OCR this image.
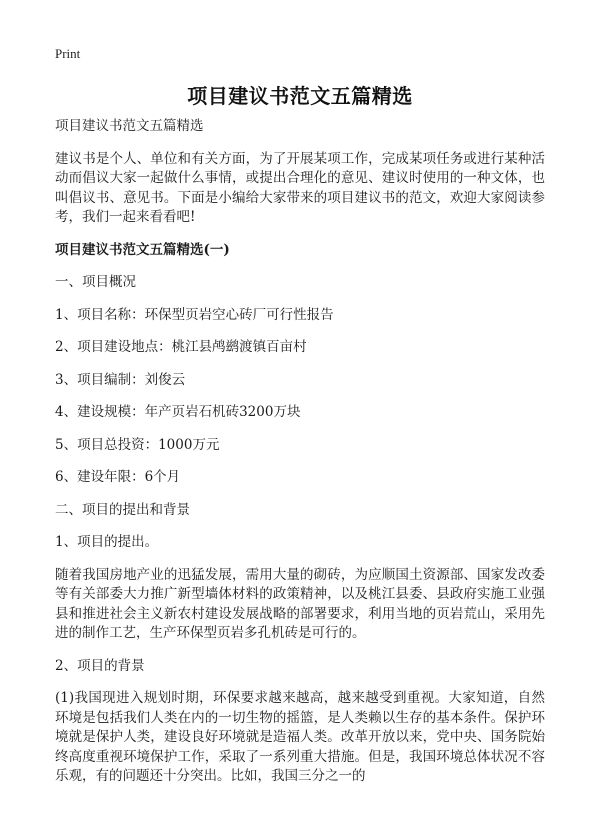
Print
项目建议书范文五篇精选

项目建议书范文五篇精选

建议书是个人、单位和有关方面，为了开展某项工作，完成某项任务或进行某种活动而倡议大家一起做什么事情，或提出合理化的意见、建议时使用的一种文体，也叫倡议书、意见书。下面是小编给大家带来的项目建议书的范文，欢迎大家阅读参考，我们一起来看看吧!

项目建议书范文五篇精选(一)

一、项目概况

1、项目名称：环保型页岩空心砖厂可行性报告

2、项目建设地点：桃江县鸬鹚渡镇百亩村

3、项目编制：刘俊云

4、建设规模：年产页岩石机砖3200万块

5、项目总投资：1000万元

6、建设年限：6个月

二、项目的提出和背景

1、项目的提出。

随着我国房地产业的迅猛发展，需用大量的砌砖，为应顺国土资源部、国家发改委等有关部委大力推广新型墙体材料的政策精神，以及桃江县委、县政府实施工业强县和推进社会主义新农村建设发展战略的部署要求，利用当地的页岩荒山，采用先进的制作工艺，生产环保型页岩多孔机砖是可行的。

2、项目的背景

(1)我国现进入规划时期，环保要求越来越高，越来越受到重视。大家知道，自然环境是包括我们人类在内的一切生物的摇篮，是人类赖以生存的基本条件。保护环境就是保护人类，建设良好环境就是造福人类。改革开放以来，党中央、国务院始终高度重视环境保护工作，采取了一系列重大措施。但是，我国环境总体状况不容乐观，有的问题还十分突出。比如，我国三分之一的
